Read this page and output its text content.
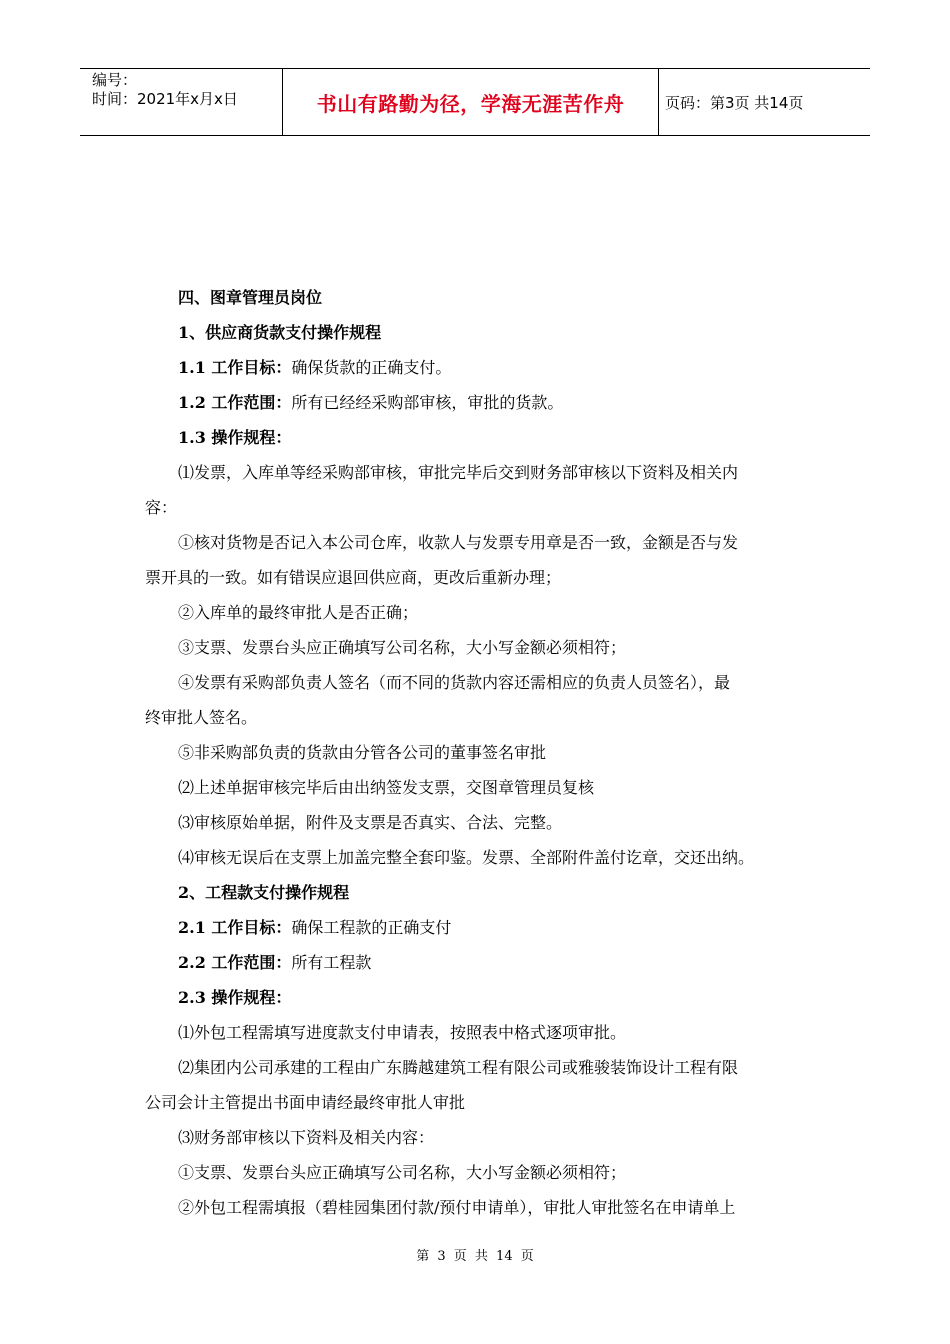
编号：
时间：2021年x月x日	书山有路勤为径，学海无涯苦作舟	页码：第3页 共14页
四、图章管理员岗位
1、供应商货款支付操作规程
1.1 工作目标：确保货款的正确支付。
1.2 工作范围：所有已经经采购部审核，审批的货款。
1.3 操作规程：
⑴发票，入库单等经采购部审核，审批完毕后交到财务部审核以下资料及相关内
容：
①核对货物是否记入本公司仓库，收款人与发票专用章是否一致，金额是否与发
票开具的一致。如有错误应退回供应商，更改后重新办理；
②入库单的最终审批人是否正确；
③支票、发票台头应正确填写公司名称，大小写金额必须相符；
④发票有采购部负责人签名（而不同的货款内容还需相应的负责人员签名），最
终审批人签名。
⑤非采购部负责的货款由分管各公司的董事签名审批
⑵上述单据审核完毕后由出纳签发支票，交图章管理员复核
⑶审核原始单据，附件及支票是否真实、合法、完整。
⑷审核无误后在支票上加盖完整全套印鉴。发票、全部附件盖付讫章，交还出纳。
2、工程款支付操作规程
2.1 工作目标：确保工程款的正确支付
2.2 工作范围：所有工程款
2.3 操作规程：
⑴外包工程需填写进度款支付申请表，按照表中格式逐项审批。
⑵集团内公司承建的工程由广东腾越建筑工程有限公司或雅骏装饰设计工程有限
公司会计主管提出书面申请经最终审批人审批
⑶财务部审核以下资料及相关内容：
①支票、发票台头应正确填写公司名称，大小写金额必须相符；
②外包工程需填报（碧桂园集团付款/预付申请单），审批人审批签名在申请单上
第 3 页 共 14 页
